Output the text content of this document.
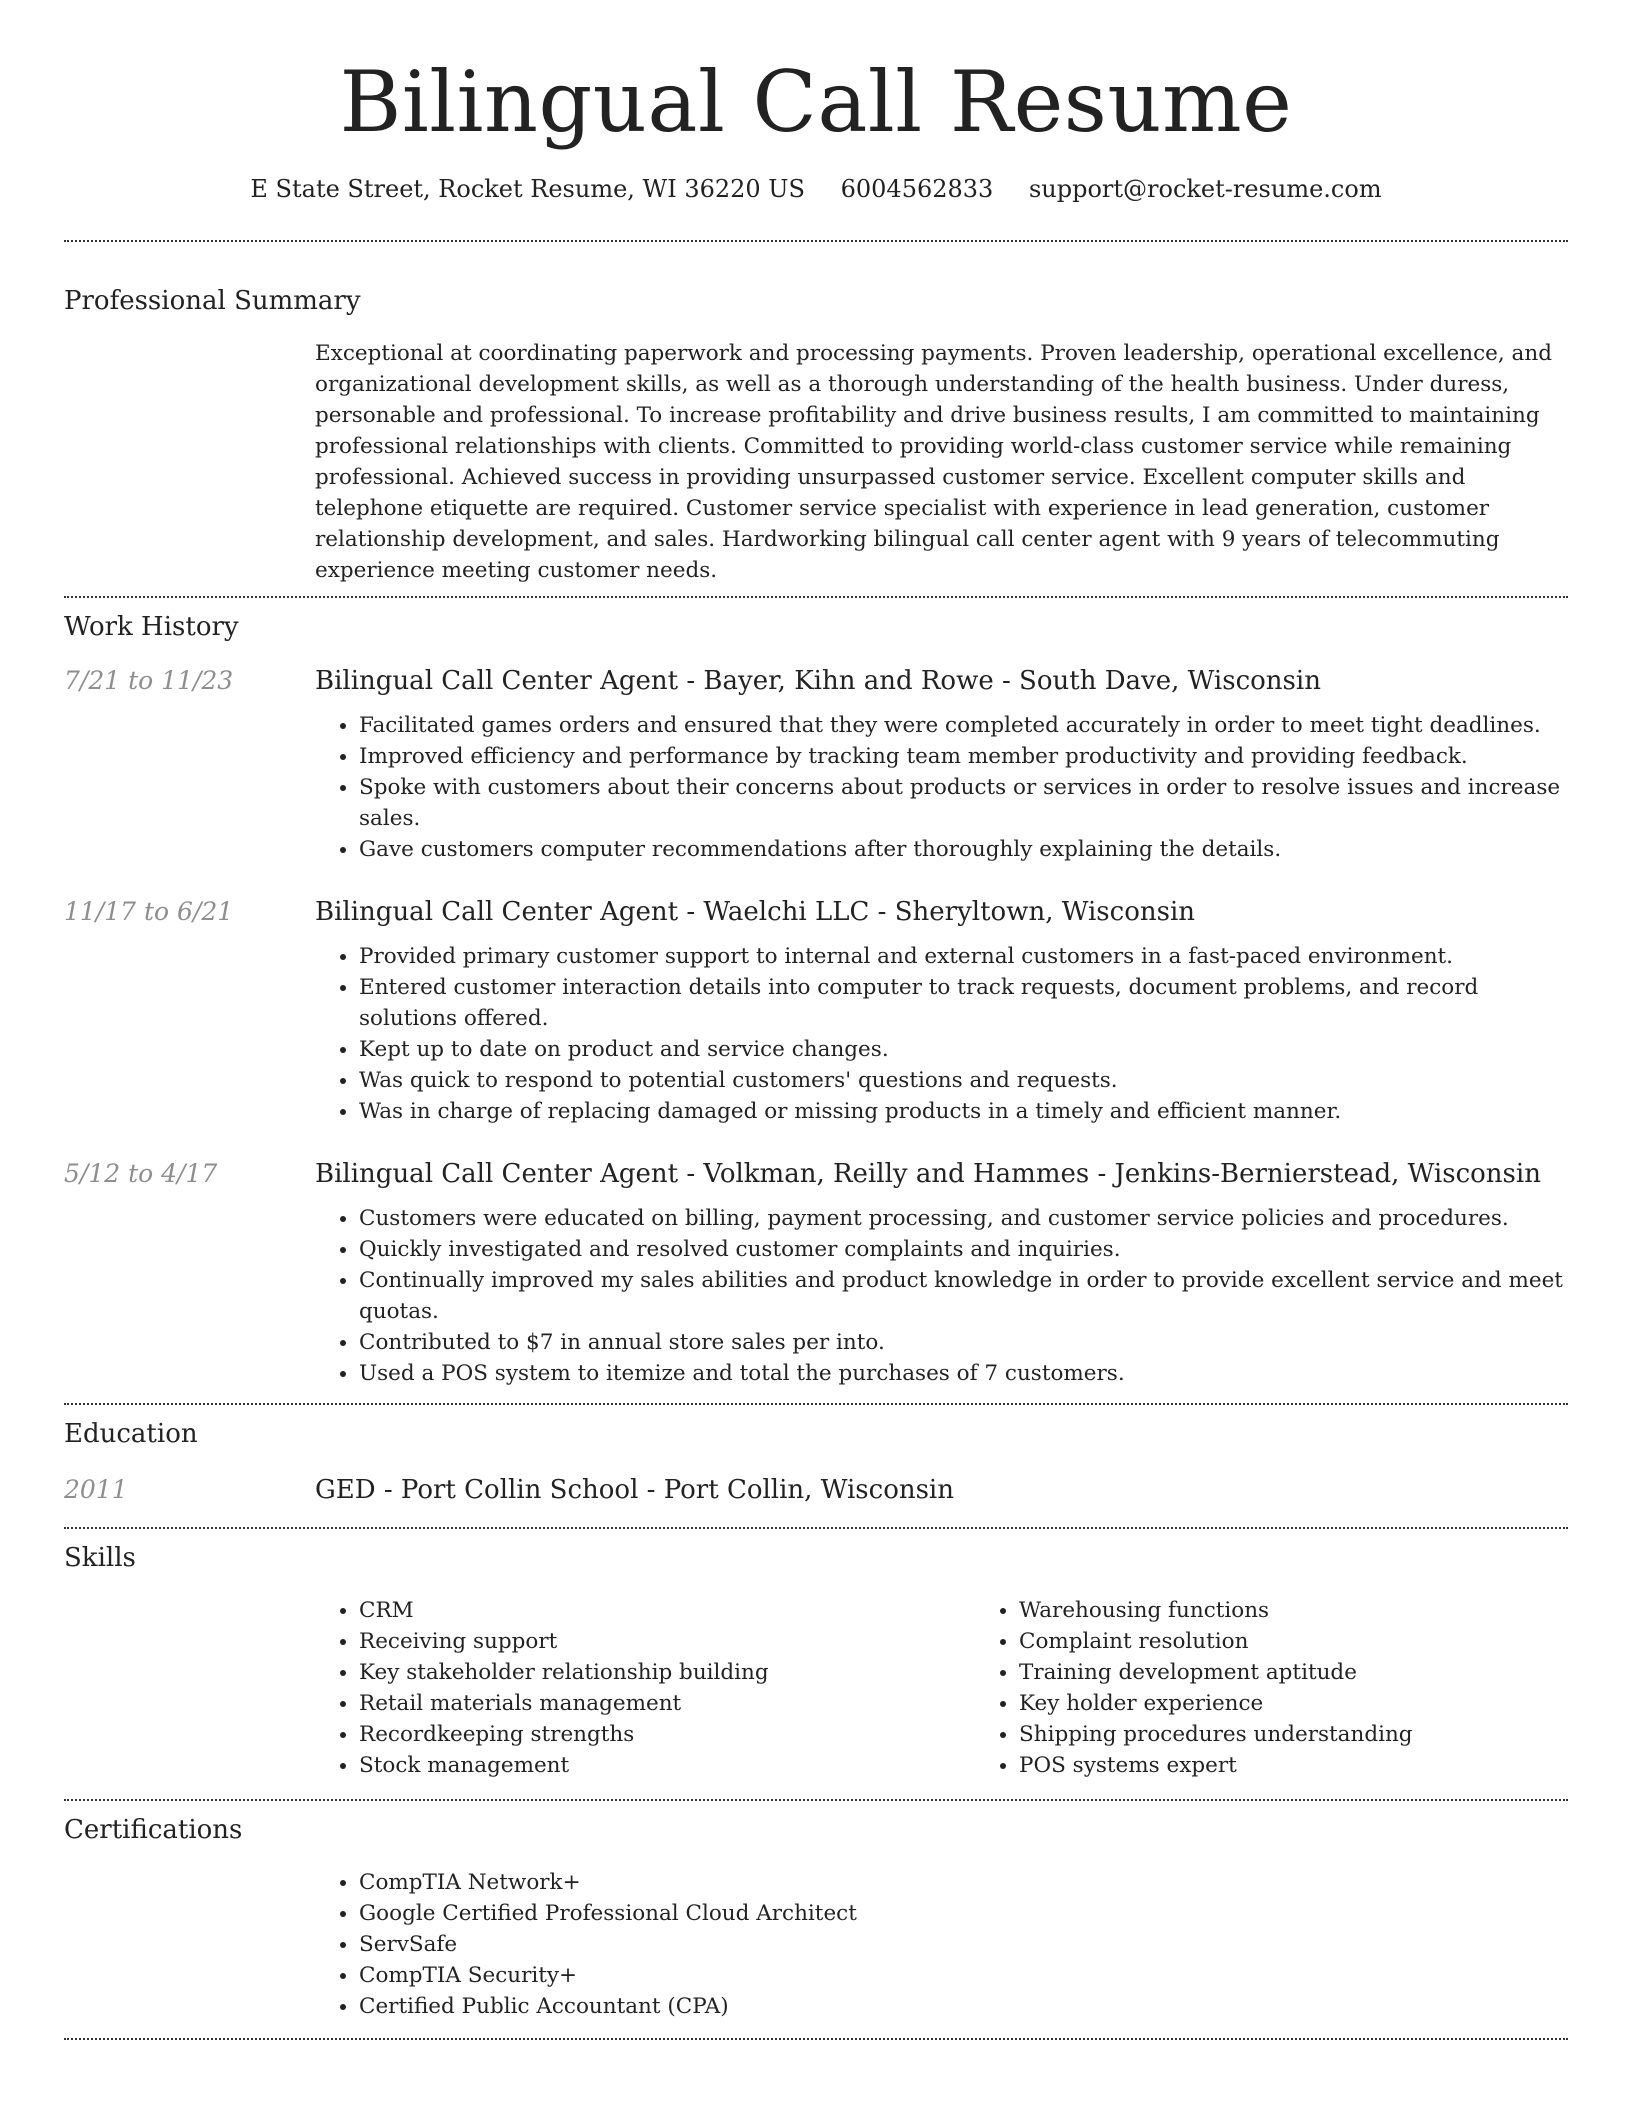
Bilingual Call Resume
E State Street, Rocket Resume, WI 36220 US 6004562833 support@rocket-resume.com
Professional Summary

Exceptional at coordinating paperwork and processing payments. Proven leadership, operational excellence, and organizational development skills, as well as a thorough understanding of the health business. Under duress, personable and professional. To increase profitability and drive business results, I am committed to maintaining professional relationships with clients. Committed to providing world-class customer service while remaining professional. Achieved success in providing unsurpassed customer service. Excellent computer skills and telephone etiquette are required. Customer service specialist with experience in lead generation, customer relationship development, and sales. Hardworking bilingual call center agent with 9 years of telecommuting experience meeting customer needs.

Work History
7/21 to 11/23	Bilingual Call Center Agent - Bayer, Kihn and Rowe - South Dave, Wisconsin
• Facilitated games orders and ensured that they were completed accurately in order to meet tight deadlines.
• Improved efficiency and performance by tracking team member productivity and providing feedback.
• Spoke with customers about their concerns about products or services in order to resolve issues and increase sales.
• Gave customers computer recommendations after thoroughly explaining the details.
11/17 to 6/21	Bilingual Call Center Agent - Waelchi LLC - Sheryltown, Wisconsin
• Provided primary customer support to internal and external customers in a fast-paced environment.
• Entered customer interaction details into computer to track requests, document problems, and record solutions offered.
• Kept up to date on product and service changes.
• Was quick to respond to potential customers' questions and requests.
• Was in charge of replacing damaged or missing products in a timely and efficient manner.
5/12 to 4/17	Bilingual Call Center Agent - Volkman, Reilly and Hammes - Jenkins-Bernierstead, Wisconsin
• Customers were educated on billing, payment processing, and customer service policies and procedures.
• Quickly investigated and resolved customer complaints and inquiries.
• Continually improved my sales abilities and product knowledge in order to provide excellent service and meet quotas.
• Contributed to $7 in annual store sales per into.
• Used a POS system to itemize and total the purchases of 7 customers.
Education
2011	GED - Port Collin School - Port Collin, Wisconsin
Skills
• CRM
• Receiving support
• Key stakeholder relationship building
• Retail materials management
• Recordkeeping strengths
• Stock management
• Warehousing functions
• Complaint resolution
• Training development aptitude
• Key holder experience
• Shipping procedures understanding
• POS systems expert
Certifications
• CompTIA Network+
• Google Certified Professional Cloud Architect
• ServSafe
• CompTIA Security+
• Certified Public Accountant (CPA)
